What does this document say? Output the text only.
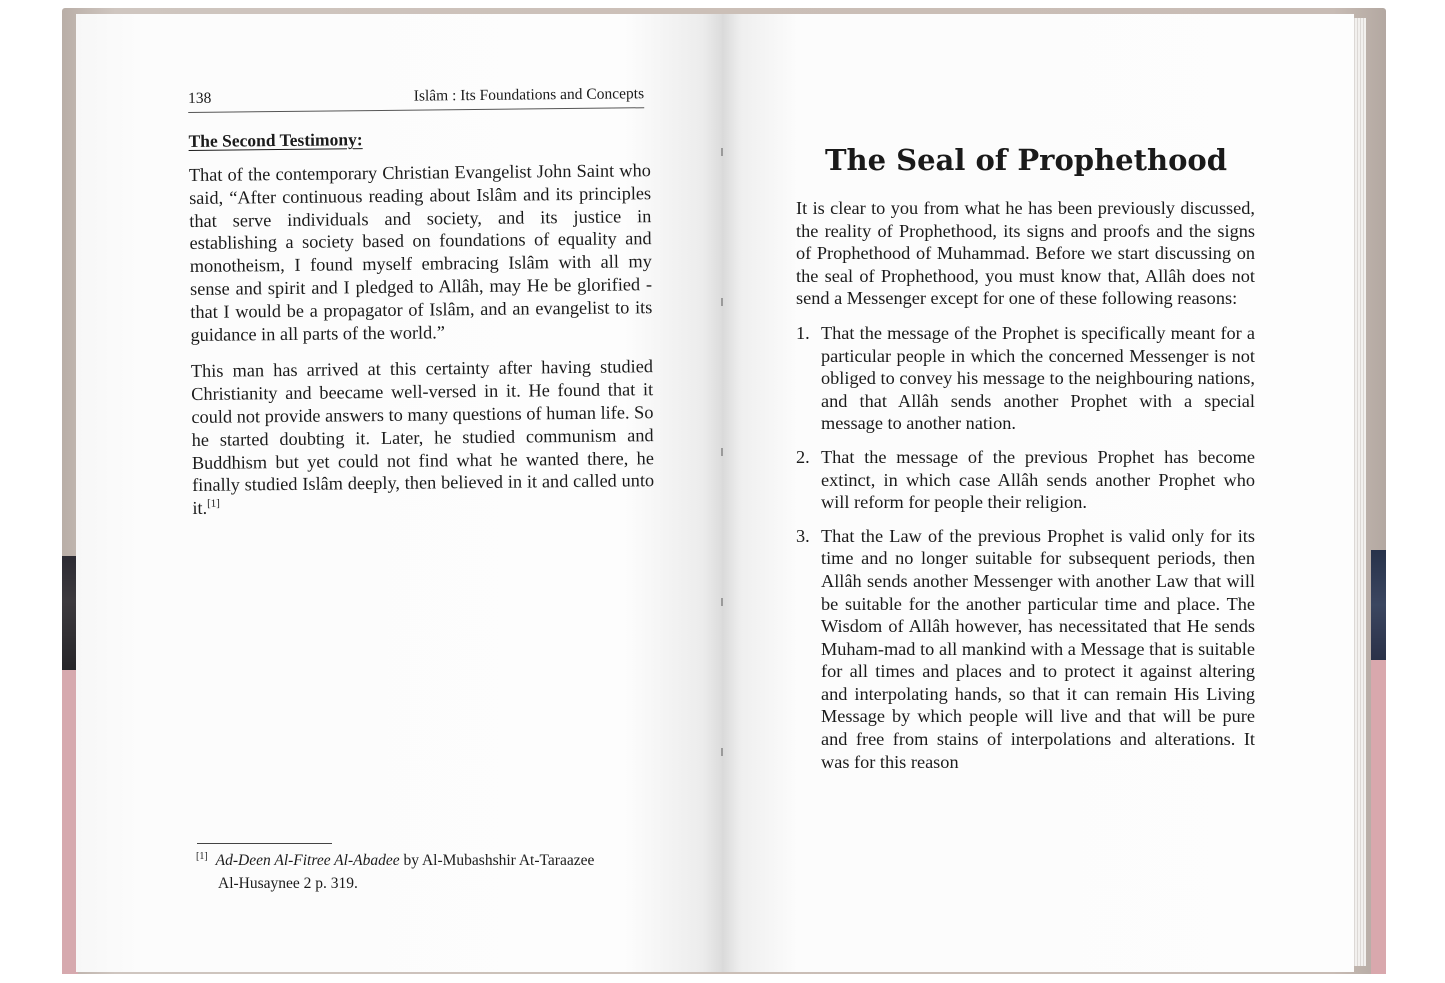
138	Islâm : Its Foundations and Concepts
The Second Testimony:

That of the contemporary Christian Evangelist John Saint who said, “After continuous reading about Islâm and its principles that serve individuals and society, and its justice in establishing a society based on foundations of equality and monotheism, I found myself embracing Islâm with all my sense and spirit and I pledged to Allâh, may He be glorified - that I would be a propagator of Islâm, and an evangelist to its guidance in all parts of the world.”

This man has arrived at this certainty after having studied Christianity and beecame well-versed in it. He found that it could not provide answers to many questions of human life. So he started doubting it. Later, he studied communism and Buddhism but yet could not find what he wanted there, he finally studied Islâm deeply, then believed in it and called unto it.[1]

[1] Ad-Deen Al-Fitree Al-Abadee by Al-Mubashshir At-Taraazee
Al-Husaynee 2 p. 319.
The Seal of Prophethood

It is clear to you from what he has been previously discussed, the reality of Prophethood, its signs and proofs and the signs of Prophethood of Muhammad. Before we start discussing on the seal of Prophethood, you must know that, Allâh does not send a Messenger except for one of these following reasons:

1. That the message of the Prophet is specifically meant for a particular people in which the concerned Messenger is not obliged to convey his message to the neighbouring nations, and that Allâh sends another Prophet with a special message to another nation.
2. That the message of the previous Prophet has become extinct, in which case Allâh sends another Prophet who will reform for people their religion.
3. That the Law of the previous Prophet is valid only for its time and no longer suitable for subsequent periods, then Allâh sends another Messenger with another Law that will be suitable for the another particular time and place. The Wisdom of Allâh however, has necessitated that He sends Muham-mad to all mankind with a Message that is suitable for all times and places and to protect it against altering and interpolating hands, so that it can remain His Living Message by which people will live and that will be pure and free from stains of interpolations and alterations. It was for this reason
